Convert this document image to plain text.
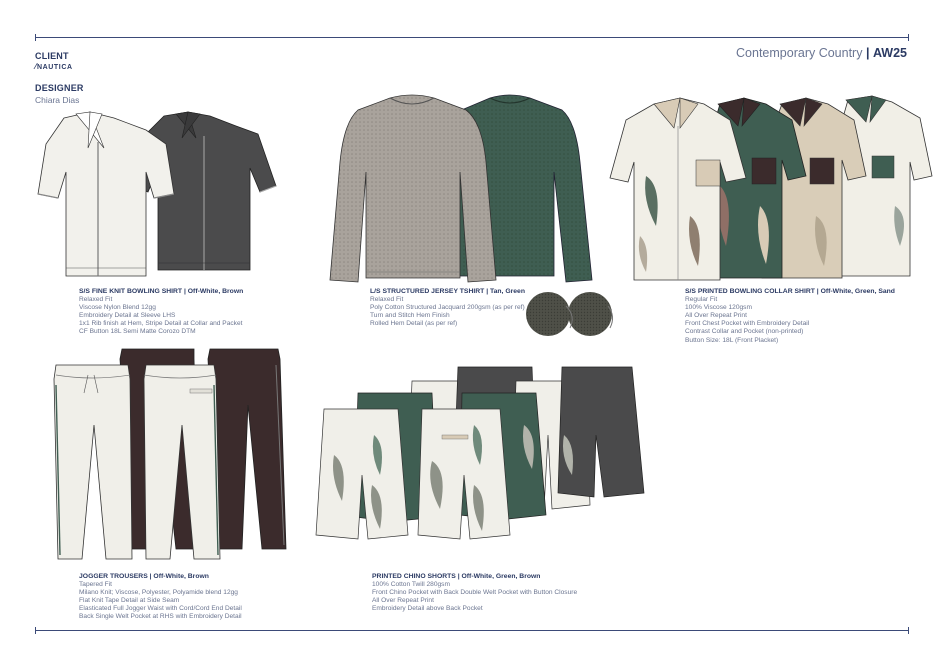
CLIENT
⁄NAUTICA
DESIGNER
Chiara Dias
Contemporary Country | AW25
S/S FINE KNIT BOWLING SHIRT | Off-White, Brown
Relaxed Fit
Viscose Nylon Blend 12gg
Embroidery Detail at Sleeve LHS
1x1 Rib finish at Hem, Stripe Detail at Collar and Packet
CF Button 18L Semi Matte Corozo DTM
L/S STRUCTURED JERSEY TSHIRT | Tan, Green
Relaxed Fit
Poly Cotton Structured Jacquard 200gsm (as per ref)
Turn and Stitch Hem Finish
Rolled Hem Detail (as per ref)
S/S PRINTED BOWLING COLLAR SHIRT | Off-White, Green, Sand
Regular Fit
100% Viscose 120gsm
All Over Repeat Print
Front Chest Pocket with Embroidery Detail
Contrast Collar and Pocket (non-printed)
Button Size: 18L (Front Placket)
JOGGER TROUSERS | Off-White, Brown
Tapered Fit
Milano Knit; Viscose, Polyester, Polyamide blend 12gg
Flat Knit Tape Detail at Side Seam
Elasticated Full Jogger Waist with Cord/Cord End Detail
Back Single Welt Pocket at RHS with Embroidery Detail
PRINTED CHINO SHORTS | Off-White, Green, Brown
100% Cotton Twill 280gsm
Front Chino Pocket with Back Double Welt Pocket with Button Closure
All Over Repeat Print
Embroidery Detail above Back Pocket
